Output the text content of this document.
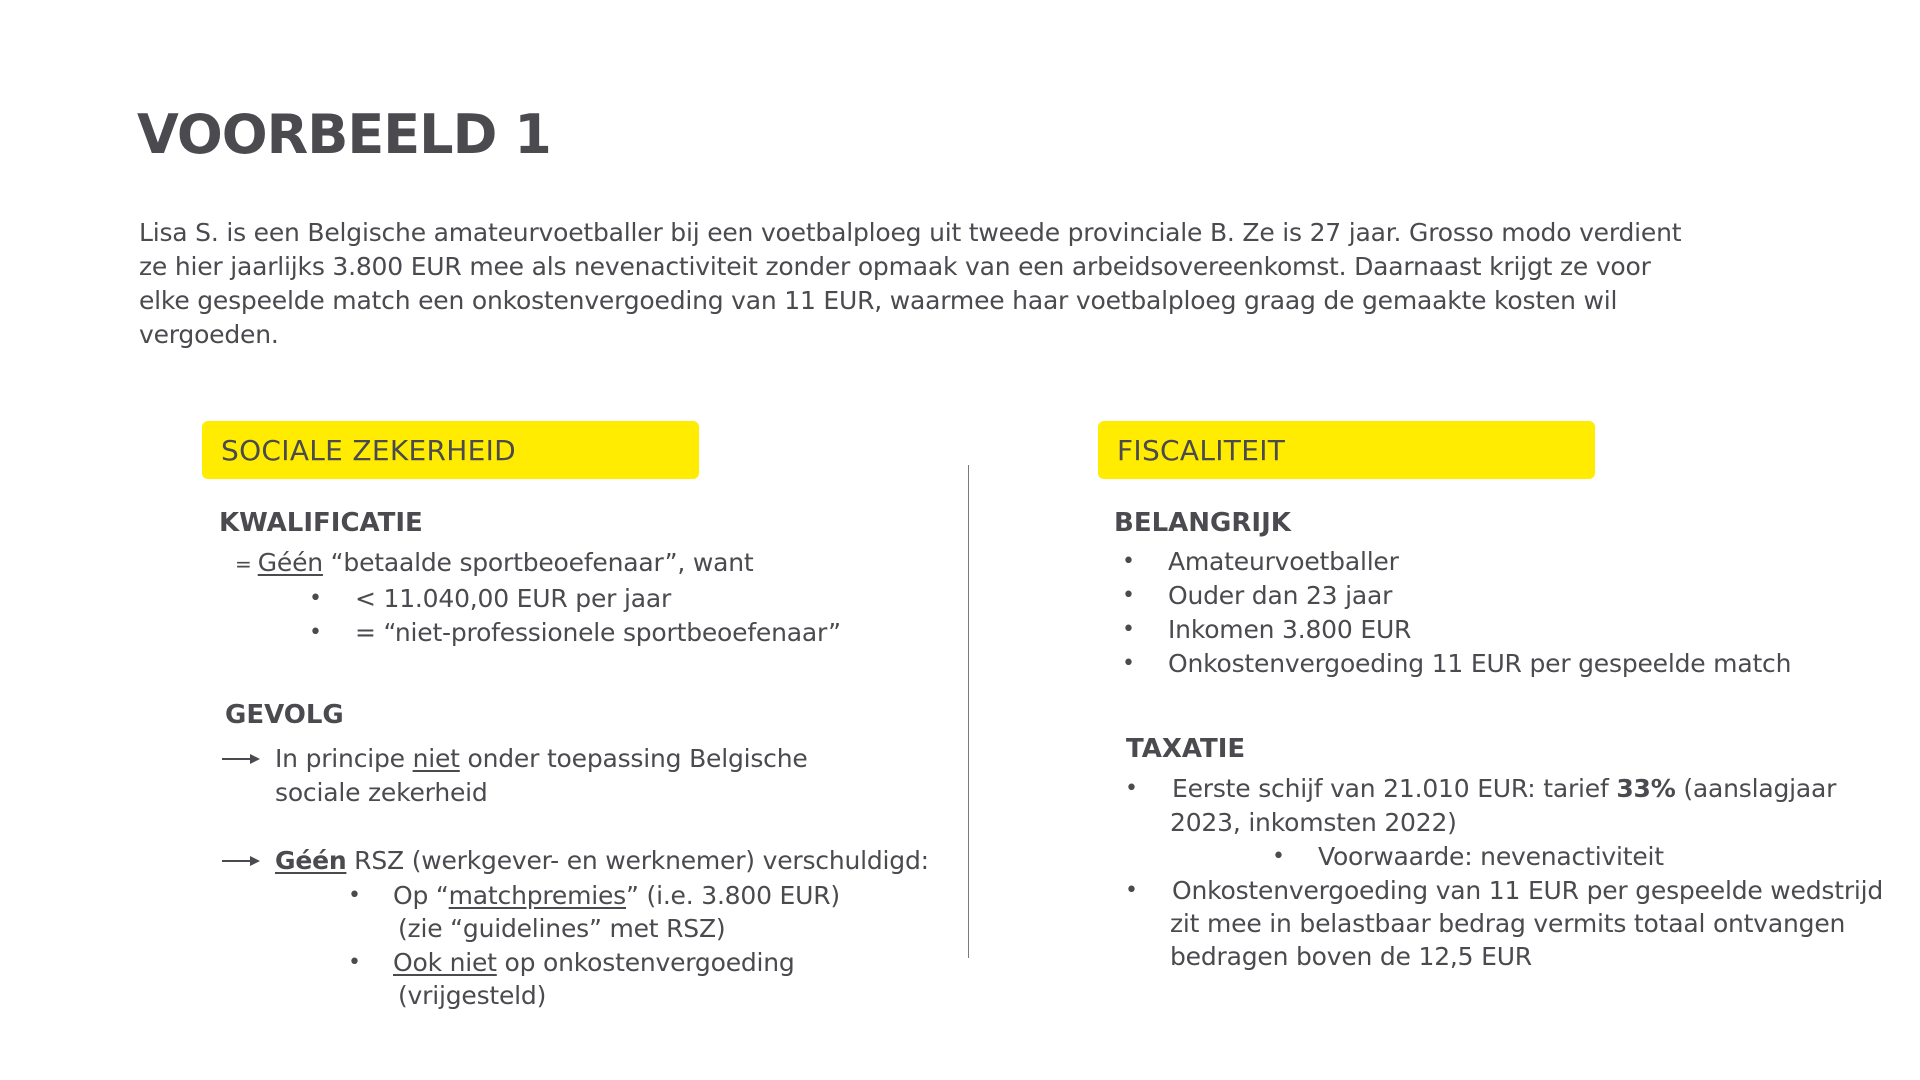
VOORBEELD 1
Lisa S. is een Belgische amateurvoetballer bij een voetbalploeg uit tweede provinciale B. Ze is 27 jaar. Grosso modo verdient ze hier jaarlijks 3.800 EUR mee als nevenactiviteit zonder opmaak van een arbeidsovereenkomst. Daarnaast krijgt ze voor elke gespeelde match een onkostenvergoeding van 11 EUR, waarmee haar voetbalploeg graag de gemaakte kosten wil vergoeden.
SOCIALE ZEKERHEID
KWALIFICATIE
= Géén “betaalde sportbeoefenaar”, want
• < 11.040,00 EUR per jaar
• = “niet-professionele sportbeoefenaar”
GEVOLG
In principe niet onder toepassing Belgische
sociale zekerheid
Géén RSZ (werkgever- en werknemer) verschuldigd:
• Op “matchpremies” (i.e. 3.800 EUR)
(zie “guidelines” met RSZ)
• Ook niet op onkostenvergoeding
(vrijgesteld)
FISCALITEIT
BELANGRIJK
• Amateurvoetballer
• Ouder dan 23 jaar
• Inkomen 3.800 EUR
• Onkostenvergoeding 11 EUR per gespeelde match
TAXATIE
• Eerste schijf van 21.010 EUR: tarief 33% (aanslagjaar
2023, inkomsten 2022)
• Voorwaarde: nevenactiviteit
• Onkostenvergoeding van 11 EUR per gespeelde wedstrijd
zit mee in belastbaar bedrag vermits totaal ontvangen
bedragen boven de 12,5 EUR
